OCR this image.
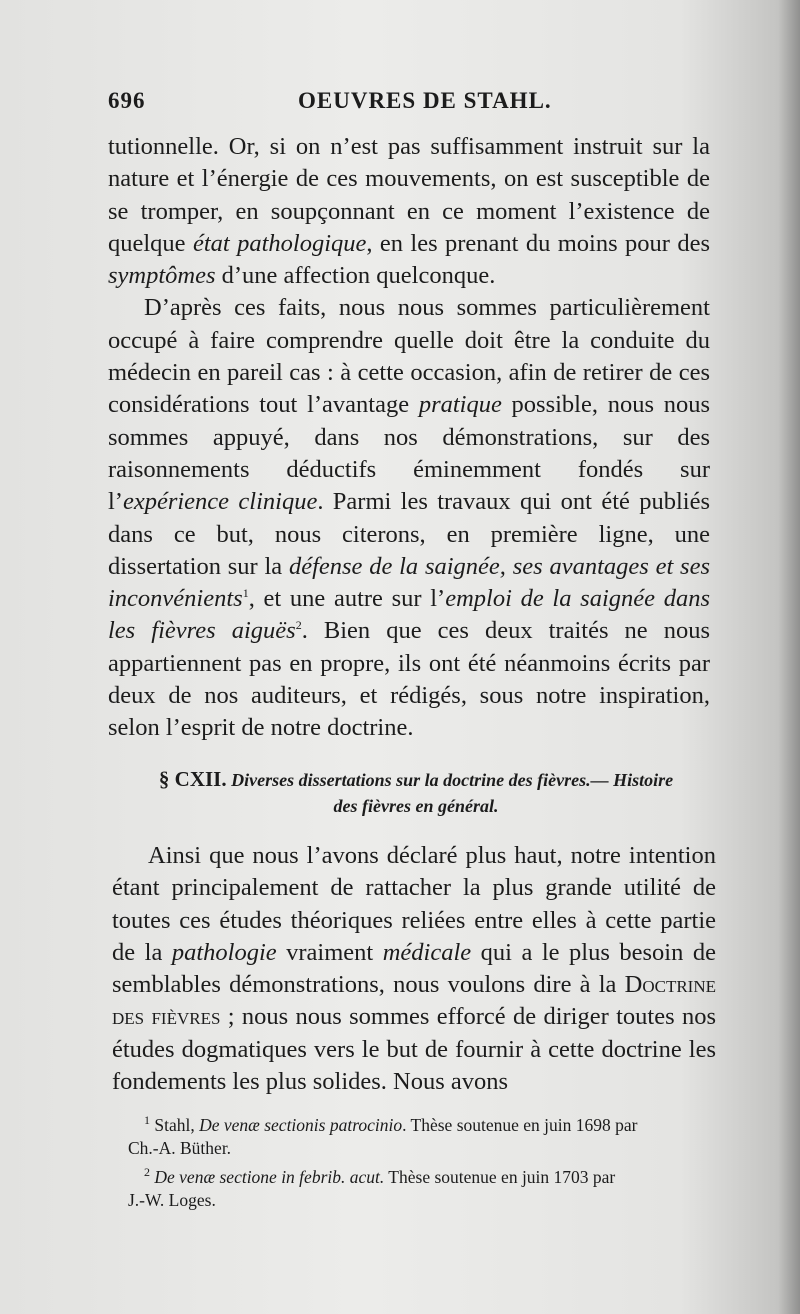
696	OEUVRES DE STAHL.

tutionnelle. Or, si on n’est pas suffisamment instruit sur la nature et l’énergie de ces mouvements, on est susceptible de se tromper, en soupçonnant en ce moment l’existence de quelque état pathologique, en les prenant du moins pour des symptômes d’une affection quelconque.

D’après ces faits, nous nous sommes particulièrement occupé à faire comprendre quelle doit être la conduite du médecin en pareil cas : à cette occasion, afin de retirer de ces considérations tout l’avantage pratique possible, nous nous sommes appuyé, dans nos démonstrations, sur des raisonnements déductifs éminemment fondés sur l’expérience clinique. Parmi les travaux qui ont été publiés dans ce but, nous citerons, en première ligne, une dissertation sur la défense de la saignée, ses avantages et ses inconvénients$^1$, et une autre sur l’emploi de la saignée dans les fièvres aiguës$^2$. Bien que ces deux traités ne nous appartiennent pas en propre, ils ont été néanmoins écrits par deux de nos auditeurs, et rédigés, sous notre inspiration, selon l’esprit de notre doctrine.

§ CXII. Diverses dissertations sur la doctrine des fièvres.— Histoire
des fièvres en général.

Ainsi que nous l’avons déclaré plus haut, notre intention étant principalement de rattacher la plus grande utilité de toutes ces études théoriques reliées entre elles à cette partie de la pathologie vraiment médicale qui a le plus besoin de semblables démonstrations, nous voulons dire à la Doctrine des fièvres ; nous nous sommes efforcé de diriger toutes nos études dogmatiques vers le but de fournir à cette doctrine les fondements les plus solides. Nous avons

$^1$ Stahl, De venæ sectionis patrocinio. Thèse soutenue en juin 1698 par
Ch.-A. Büther.

$^2$ De venæ sectione in febrib. acut. Thèse soutenue en juin 1703 par
J.-W. Loges.
